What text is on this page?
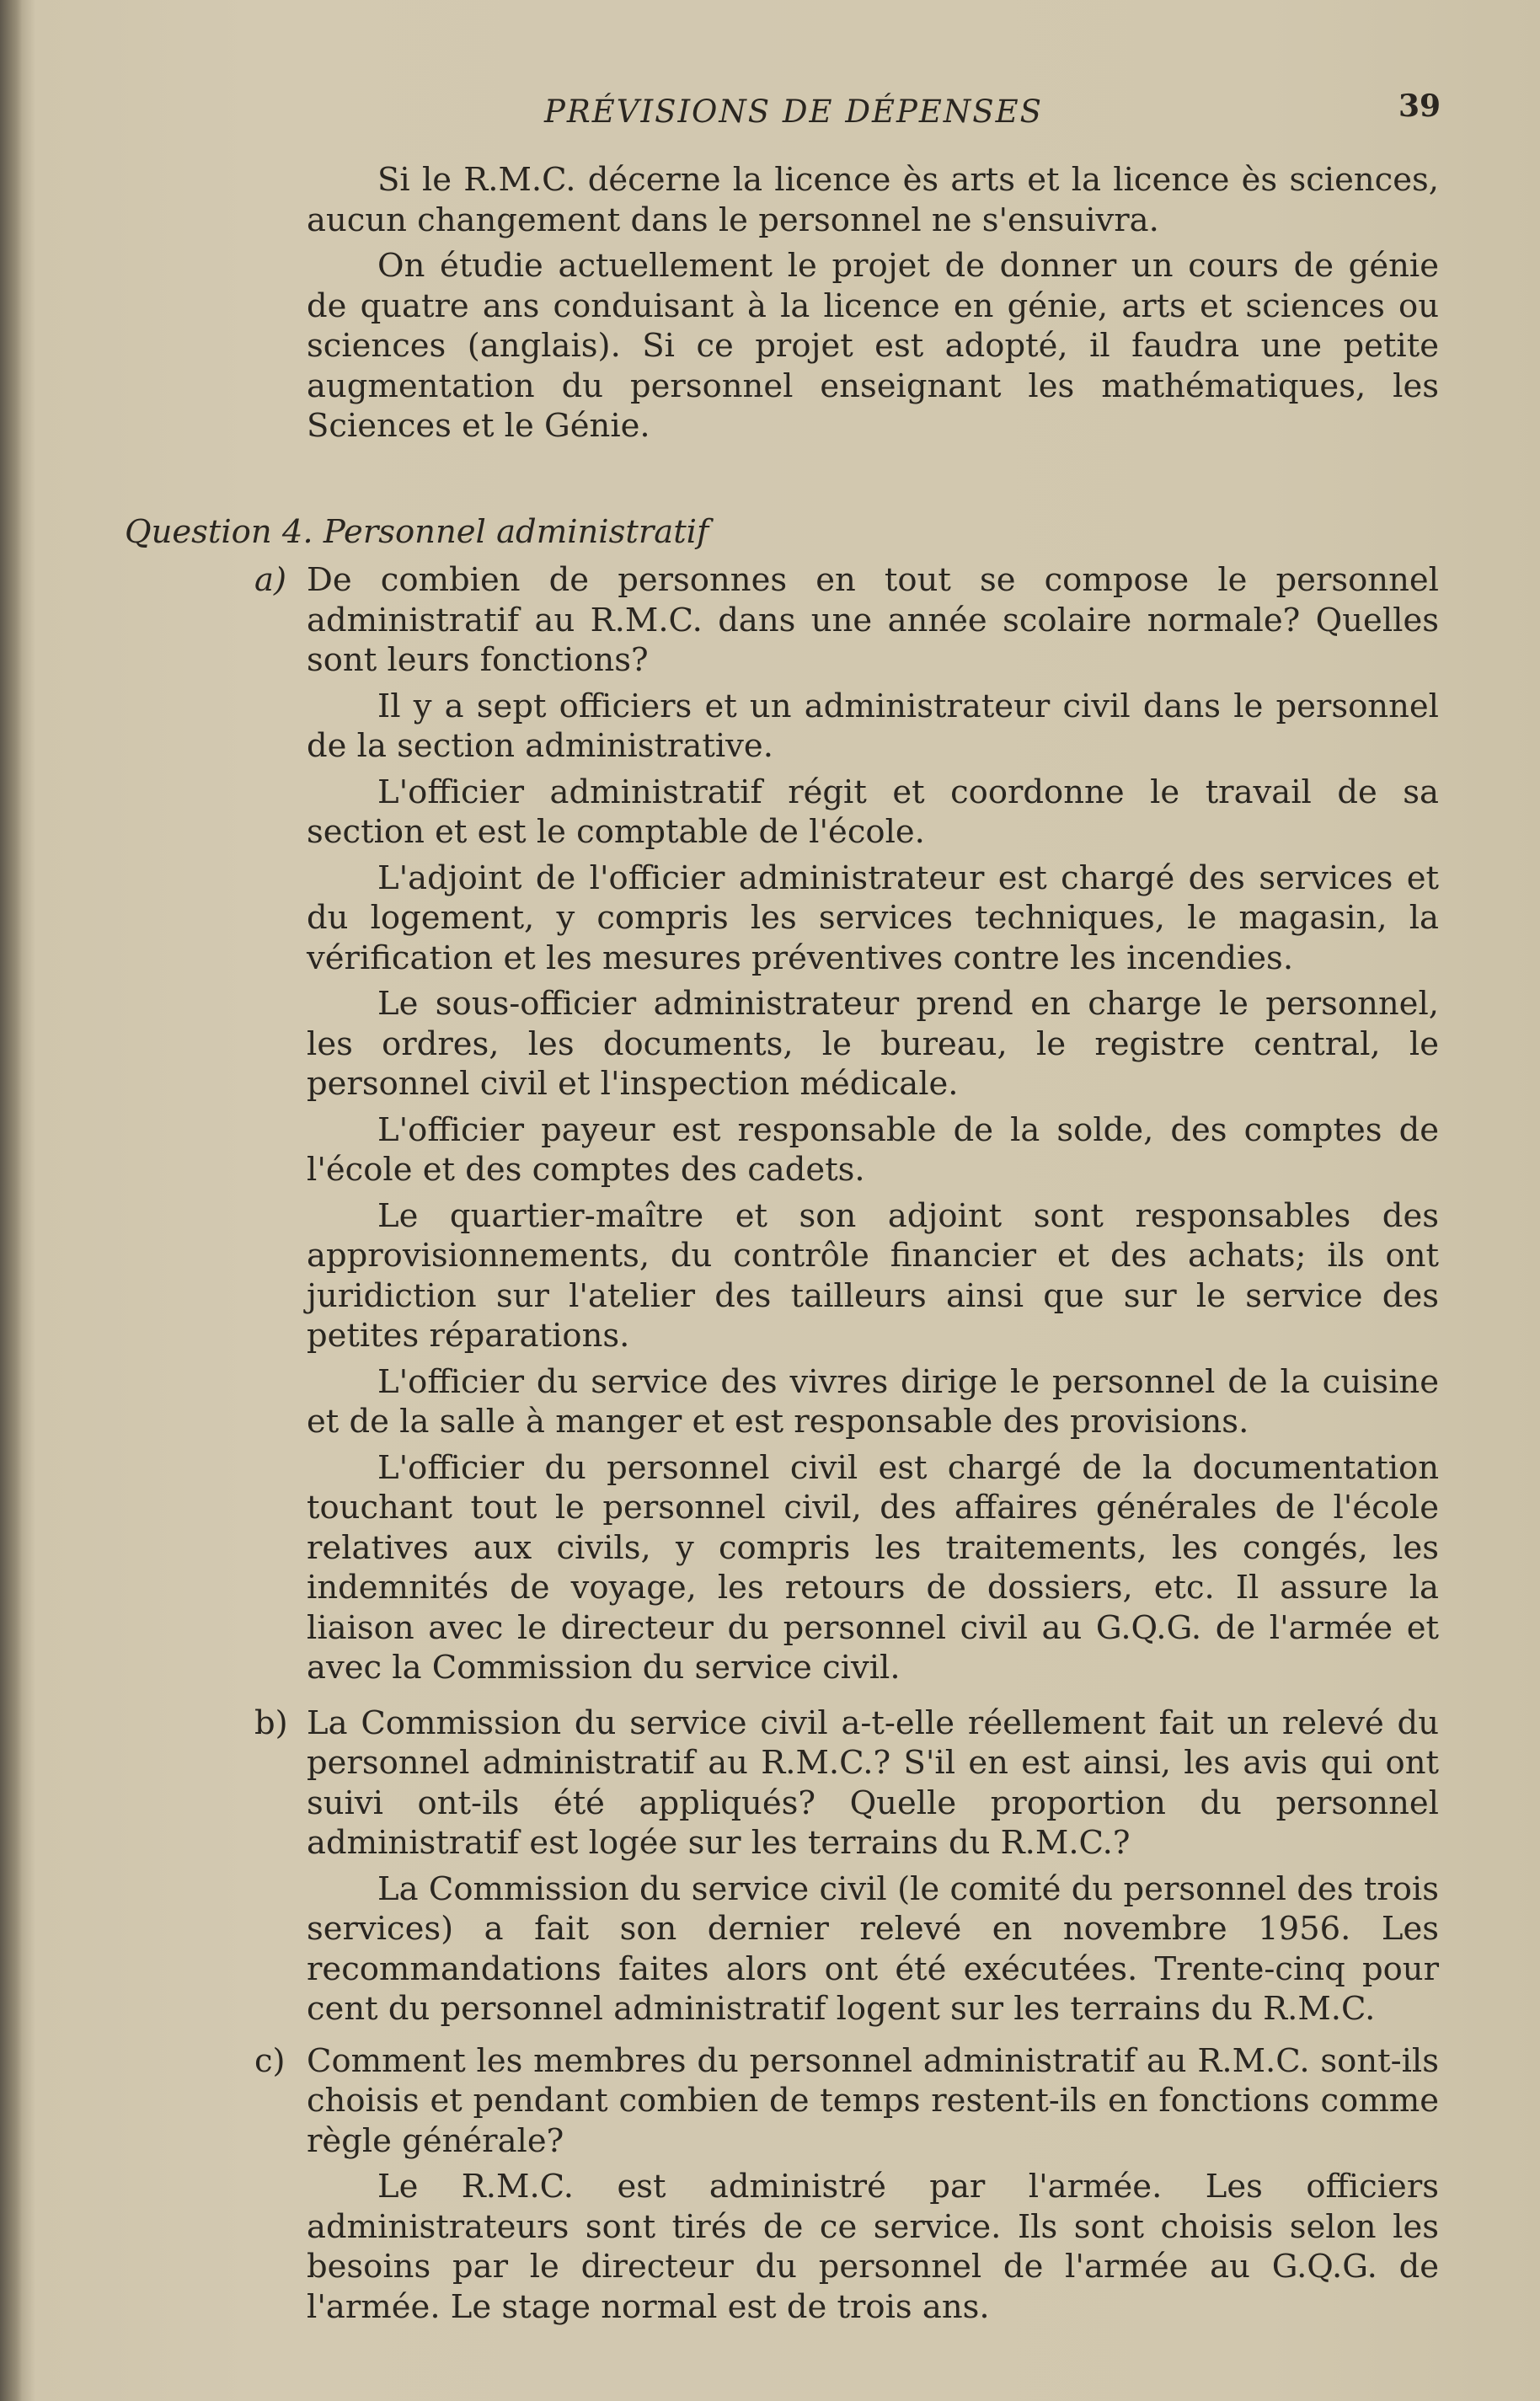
PRÉVISIONS DE DÉPENSES	39

Si le R.M.C. décerne la licence ès arts et la licence ès sciences, aucun changement dans le personnel ne s'ensuivra.

On étudie actuellement le projet de donner un cours de génie de quatre ans conduisant à la licence en génie, arts et sciences ou sciences (anglais). Si ce projet est adopté, il faudra une petite augmentation du personnel enseignant les mathématiques, les Sciences et le Génie.

Question 4. Personnel administratif
a) De combien de personnes en tout se compose le personnel administratif au R.M.C. dans une année scolaire normale? Quelles sont leurs fonctions?

Il y a sept officiers et un administrateur civil dans le personnel de la section administrative.

L'officier administratif régit et coordonne le travail de sa section et est le comptable de l'école.

L'adjoint de l'officier administrateur est chargé des services et du logement, y compris les services techniques, le magasin, la vérification et les mesures préventives contre les incendies.

Le sous-officier administrateur prend en charge le personnel, les ordres, les documents, le bureau, le registre central, le personnel civil et l'inspection médicale.

L'officier payeur est responsable de la solde, des comptes de l'école et des comptes des cadets.

Le quartier-maître et son adjoint sont responsables des approvisionnements, du contrôle financier et des achats; ils ont juridiction sur l'atelier des tailleurs ainsi que sur le service des petites réparations.

L'officier du service des vivres dirige le personnel de la cuisine et de la salle à manger et est responsable des provisions.

L'officier du personnel civil est chargé de la documentation touchant tout le personnel civil, des affaires générales de l'école relatives aux civils, y compris les traitements, les congés, les indemnités de voyage, les retours de dossiers, etc. Il assure la liaison avec le directeur du personnel civil au G.Q.G. de l'armée et avec la Commission du service civil.

b) La Commission du service civil a-t-elle réellement fait un relevé du personnel administratif au R.M.C.? S'il en est ainsi, les avis qui ont suivi ont-ils été appliqués? Quelle proportion du personnel administratif est logée sur les terrains du R.M.C.?

La Commission du service civil (le comité du personnel des trois services) a fait son dernier relevé en novembre 1956. Les recommandations faites alors ont été exécutées. Trente-cinq pour cent du personnel administratif logent sur les terrains du R.M.C.

c) Comment les membres du personnel administratif au R.M.C. sont-ils choisis et pendant combien de temps restent-ils en fonctions comme règle générale?

Le R.M.C. est administré par l'armée. Les officiers administrateurs sont tirés de ce service. Ils sont choisis selon les besoins par le directeur du personnel de l'armée au G.Q.G. de l'armée. Le stage normal est de trois ans.
